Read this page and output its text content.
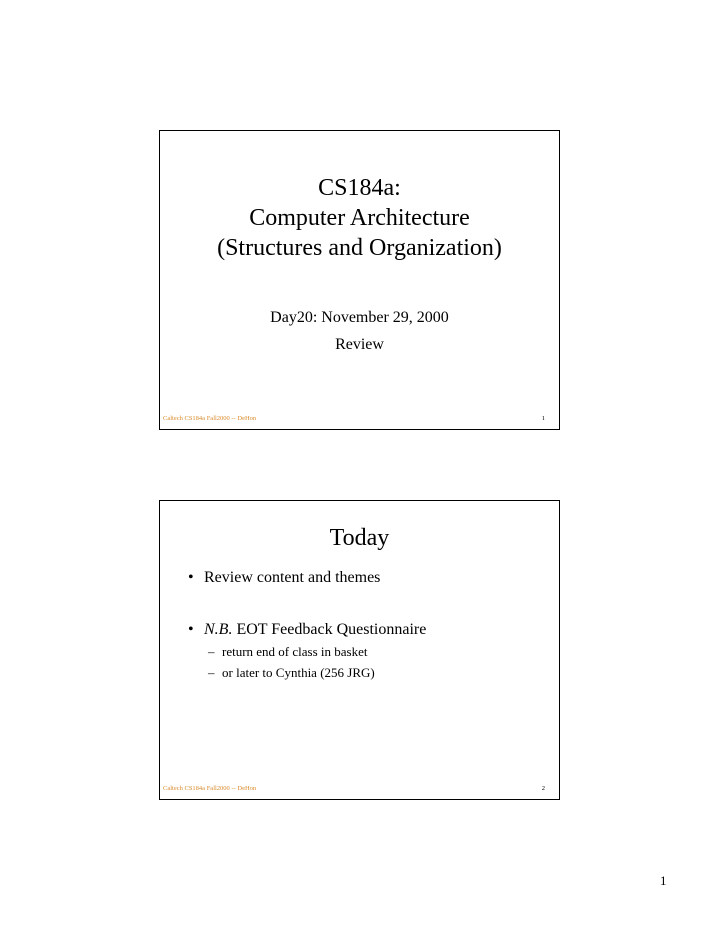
CS184a:
Computer Architecture
(Structures and Organization)
Day20: November 29, 2000
Review
Caltech CS184a Fall2000 -- DeHon	1
Today
• Review content and themes
• N.B. EOT Feedback Questionnaire
– return end of class in basket
– or later to Cynthia (256 JRG)
Caltech CS184a Fall2000 -- DeHon	2
1
